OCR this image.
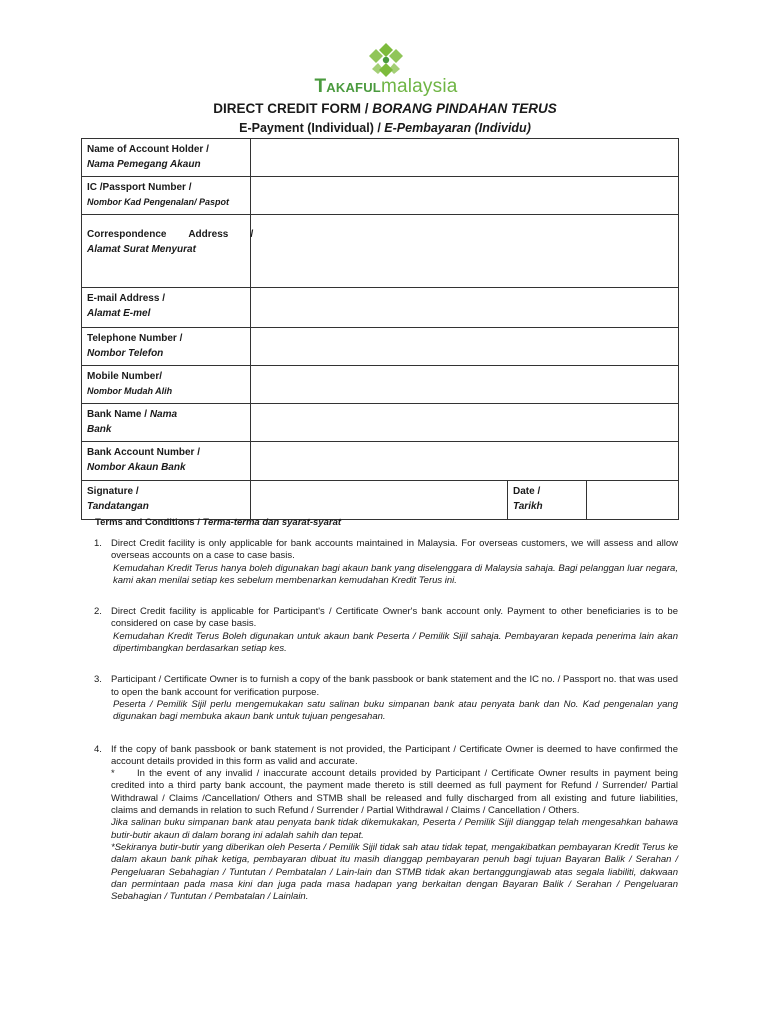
Takafulmalaysia
DIRECT CREDIT FORM / BORANG PINDAHAN TERUS
E-Payment (Individual) / E-Pembayaran (Individu)
Name of Account Holder /
Nama Pemegang Akaun			

IC /Passport Number /
Nombor Kad Pengenalan/ Paspot			

Correspondence        Address        /
Alamat Surat Menyurat			

E-mail Address /
Alamat E-mel			

Telephone Number /
Nombor Telefon			

Mobile Number/
Nombor Mudah Alih			

Bank Name / Nama
Bank			

Bank Account Number /
Nombor Akaun Bank			

Signature /
Tandatangan			Date /
Tarikh
Terms and Conditions / Terma-terma dan syarat-syarat
1. Direct Credit facility is only applicable for bank accounts maintained in Malaysia. For overseas customers, we will assess and allow overseas accounts on a case to case basis.

Kemudahan Kredit Terus hanya boleh digunakan bagi akaun bank yang diselenggara di Malaysia sahaja. Bagi pelanggan luar negara, kami akan menilai setiap kes sebelum membenarkan kemudahan Kredit Terus ini.

2. Direct Credit facility is applicable for Participant's / Certificate Owner's bank account only. Payment to other beneficiaries is to be considered on case by case basis.

Kemudahan Kredit Terus Boleh digunakan untuk akaun bank Peserta / Pemilik Sijil sahaja. Pembayaran kepada penerima lain akan dipertimbangkan berdasarkan setiap kes.

3. Participant / Certificate Owner is to furnish a copy of the bank passbook or bank statement and the IC no. / Passport no. that was used to open the bank account for verification purpose.

Peserta / Pemilik Sijil perlu mengemukakan satu salinan buku simpanan bank atau penyata bank dan No. Kad pengenalan yang digunakan bagi membuka akaun bank untuk tujuan pengesahan.

4. If the copy of bank passbook or bank statement is not provided, the Participant / Certificate Owner is deemed to have confirmed the account details provided in this form as valid and accurate.

* In the event of any invalid / inaccurate account details provided by Participant / Certificate Owner results in payment being credited into a third party bank account, the payment made thereto is still deemed as full payment for Refund / Surrender/ Partial Withdrawal / Claims /Cancellation/ Others and STMB shall be released and fully discharged from all existing and future liabilities, claims and demands in relation to such Refund / Surrender / Partial Withdrawal / Claims / Cancellation / Others.

Jika salinan buku simpanan bank atau penyata bank tidak dikemukakan, Peserta / Pemilik Sijil dianggap telah mengesahkan bahawa butir-butir akaun di dalam borang ini adalah sahih dan tepat.

*Sekiranya butir-butir yang diberikan oleh Peserta / Pemilik Sijil tidak sah atau tidak tepat, mengakibatkan pembayaran Kredit Terus ke dalam akaun bank pihak ketiga, pembayaran dibuat itu masih dianggap pembayaran penuh bagi tujuan Bayaran Balik / Serahan / Pengeluaran Sebahagian / Tuntutan / Pembatalan / Lain-lain dan STMB tidak akan bertanggungjawab atas segala liabiliti, dakwaan dan permintaan pada masa kini dan juga pada masa hadapan yang berkaitan dengan Bayaran Balik / Serahan / Pengeluaran Sebahagian / Tuntutan / Pembatalan / Lainlain.
